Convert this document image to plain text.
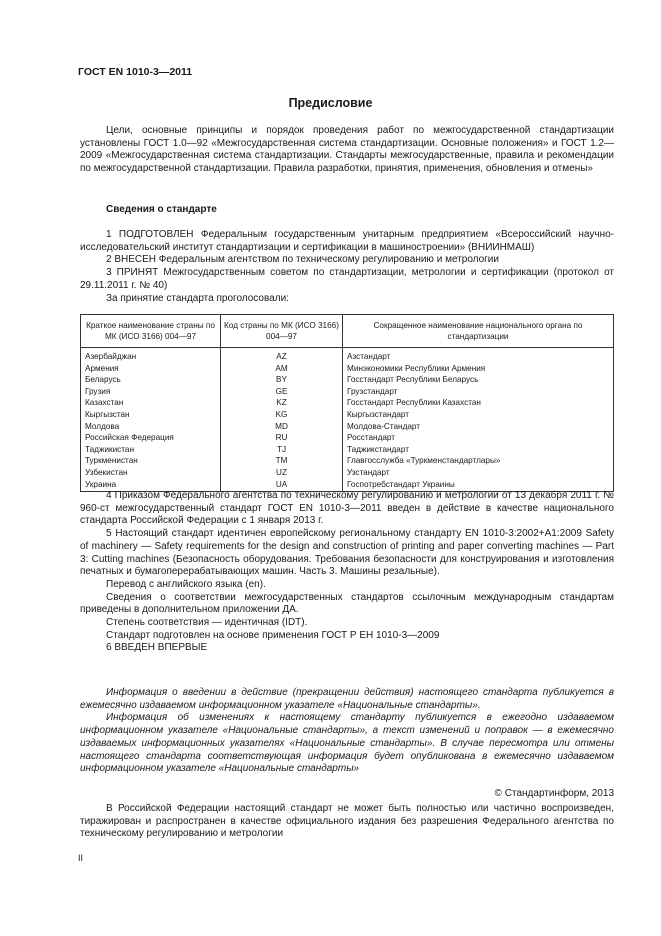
ГОСТ EN 1010-3—2011
Предисловие

Цели, основные принципы и порядок проведения работ по межгосударственной стандартизации установлены ГОСТ 1.0—92 «Межгосударственная система стандартизации. Основные положения» и ГОСТ 1.2—2009 «Межгосударственная система стандартизации. Стандарты межгосударственные, правила и рекомендации по межгосударственной стандартизации. Правила разработки, принятия, применения, обновления и отмены»

Сведения о стандарте

1 ПОДГОТОВЛЕН Федеральным государственным унитарным предприятием «Всероссийский научно-исследовательский институт стандартизации и сертификации в машиностроении» (ВНИИНМАШ)

2 ВНЕСЕН Федеральным агентством по техническому регулированию и метрологии

3 ПРИНЯТ Межгосударственным советом по стандартизации, метрологии и сертификации (протокол от 29.11.2011 г. № 40)

За принятие стандарта проголосовали:

Краткое наименование страны по МК (ИСО 3166) 004—97	Код страны по МК (ИСО 3166) 004—97	Сокращенное наименование национального органа по стандартизации
Азербайджан	AZ	Азстандарт
Армения	AM	Минэкономики Республики Армения
Беларусь	BY	Госстандарт Республики Беларусь
Грузия	GE	Грузстандарт
Казахстан	KZ	Госстандарт Республики Казахстан
Кыргызстан	KG	Кыргызстандарт
Молдова	MD	Молдова-Стандарт
Российская Федерация	RU	Росстандарт
Таджикистан	TJ	Таджикстандарт
Туркменистан	TM	Главгосслужба «Туркменстандартлары»
Узбекистан	UZ	Узстандарт
Украина	UA	Госпотребстандарт Украины

4 Приказом Федерального агентства по техническому регулированию и метрологии от 13 декабря 2011 г. № 960-ст межгосударственный стандарт ГОСТ EN 1010-3—2011 введен в действие в качестве национального стандарта Российской Федерации с 1 января 2013 г.

5 Настоящий стандарт идентичен европейскому региональному стандарту EN 1010-3:2002+A1:2009 Safety of machinery — Safety requirements for the design and construction of printing and paper converting machines — Part 3: Cutting machines (Безопасность оборудования. Требования безопасности для конструирования и изготовления печатных и бумагоперерабатывающих машин. Часть 3. Машины резальные).

Перевод с английского языка (en).

Сведения о соответствии межгосударственных стандартов ссылочным международным стандартам приведены в дополнительном приложении ДА.

Степень соответствия — идентичная (IDT).

Стандарт подготовлен на основе применения ГОСТ Р ЕН 1010-3—2009

6 ВВЕДЕН ВПЕРВЫЕ

Информация о введении в действие (прекращении действия) настоящего стандарта публикуется в ежемесячно издаваемом информационном указателе «Национальные стандарты».

Информация об изменениях к настоящему стандарту публикуется в ежегодно издаваемом информационном указателе «Национальные стандарты», а текст изменений и поправок — в ежемесячно издаваемых информационных указателях «Национальные стандарты». В случае пересмотра или отмены настоящего стандарта соответствующая информация будет опубликована в ежемесячно издаваемом информационном указателе «Национальные стандарты»

© Стандартинформ, 2013

В Российской Федерации настоящий стандарт не может быть полностью или частично воспроизведен, тиражирован и распространен в качестве официального издания без разрешения Федерального агентства по техническому регулированию и метрологии

II
